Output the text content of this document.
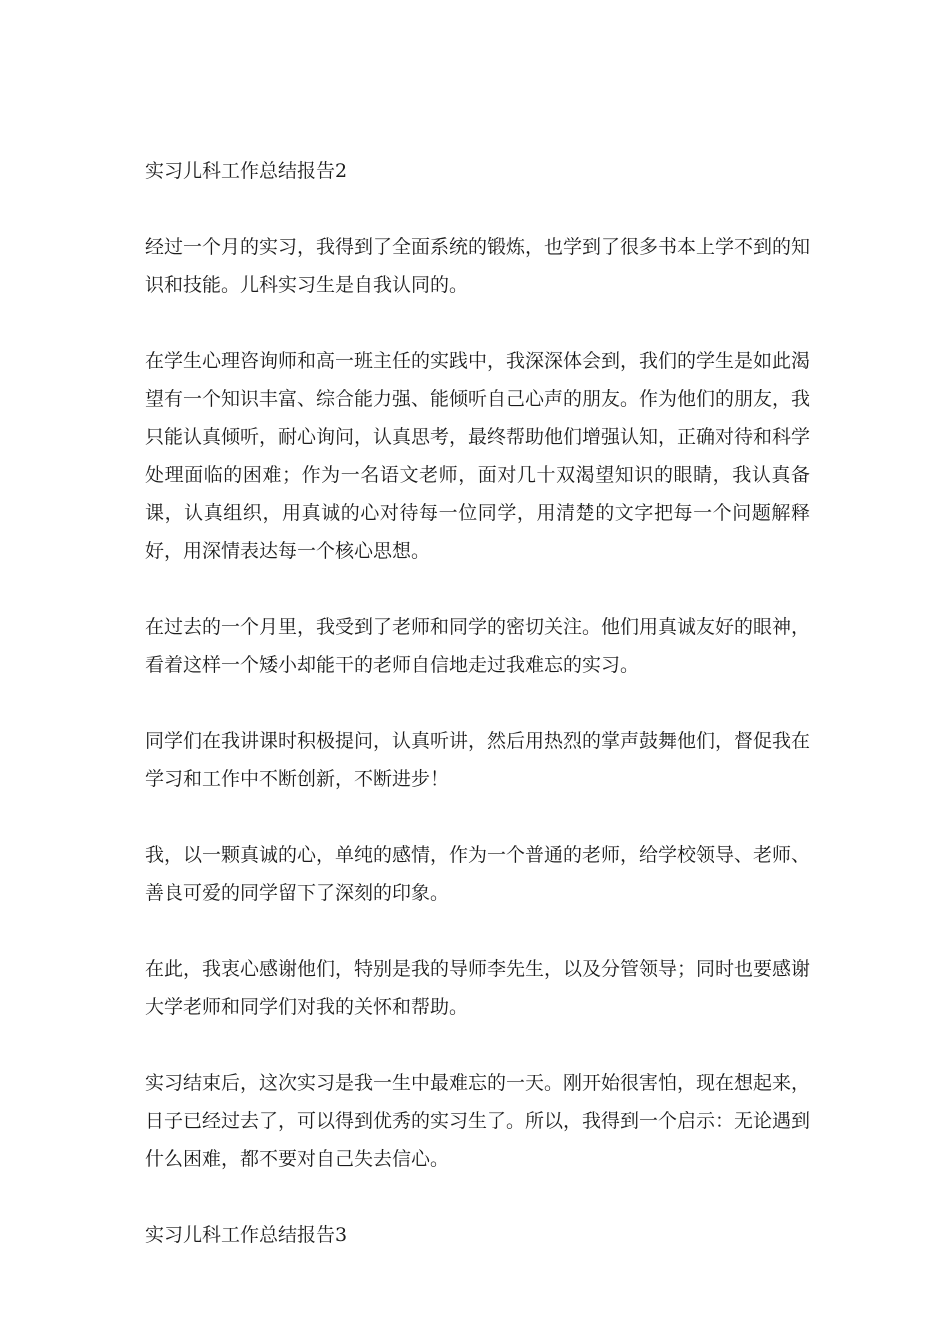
实习儿科工作总结报告2

经过一个月的实习，我得到了全面系统的锻炼，也学到了很多书本上学不到的知识和技能。儿科实习生是自我认同的。

在学生心理咨询师和高一班主任的实践中，我深深体会到，我们的学生是如此渴望有一个知识丰富、综合能力强、能倾听自己心声的朋友。作为他们的朋友，我只能认真倾听，耐心询问，认真思考，最终帮助他们增强认知，正确对待和科学处理面临的困难；作为一名语文老师，面对几十双渴望知识的眼睛，我认真备课，认真组织，用真诚的心对待每一位同学，用清楚的文字把每一个问题解释好，用深情表达每一个核心思想。

在过去的一个月里，我受到了老师和同学的密切关注。他们用真诚友好的眼神，看着这样一个矮小却能干的老师自信地走过我难忘的实习。

同学们在我讲课时积极提问，认真听讲，然后用热烈的掌声鼓舞他们，督促我在学习和工作中不断创新，不断进步！

我，以一颗真诚的心，单纯的感情，作为一个普通的老师，给学校领导、老师、善良可爱的同学留下了深刻的印象。

在此，我衷心感谢他们，特别是我的导师李先生，以及分管领导；同时也要感谢大学老师和同学们对我的关怀和帮助。

实习结束后，这次实习是我一生中最难忘的一天。刚开始很害怕，现在想起来，日子已经过去了，可以得到优秀的实习生了。所以，我得到一个启示：无论遇到什么困难，都不要对自己失去信心。

实习儿科工作总结报告3
